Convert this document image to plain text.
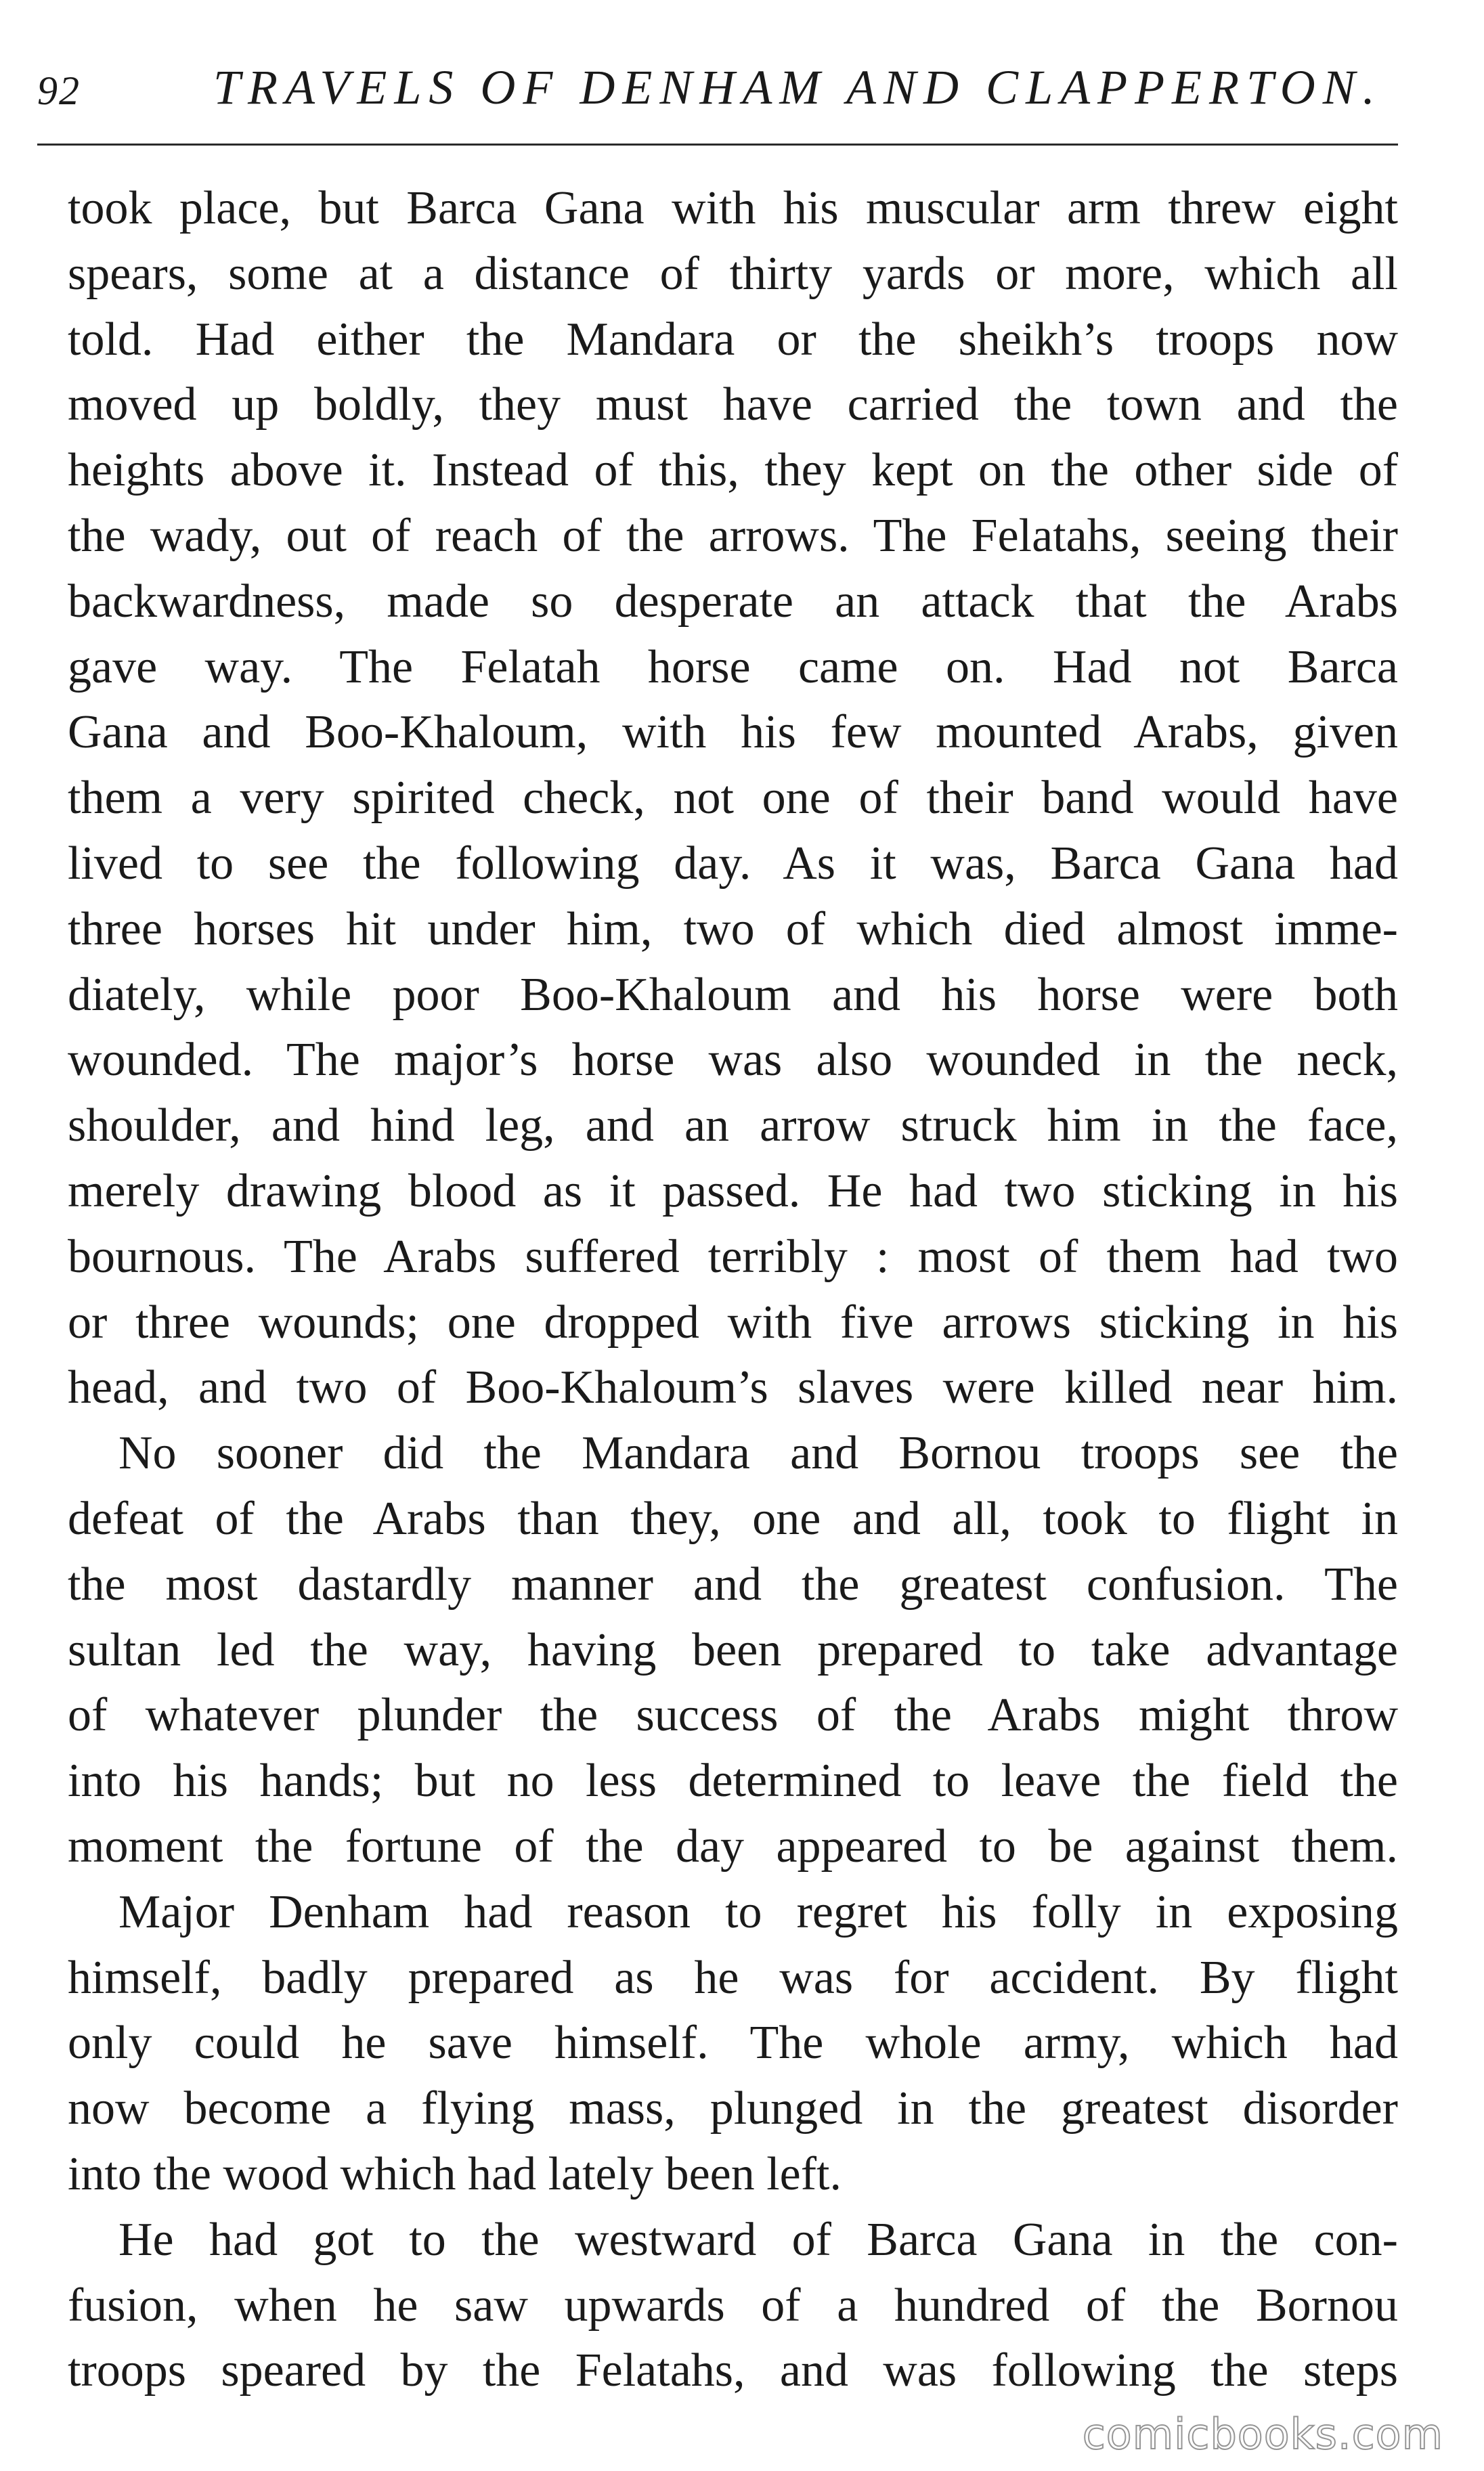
92	TRAVELS OF DENHAM AND CLAPPERTON.

took place, but Barca Gana with his muscular arm threw eight

spears, some at a distance of thirty yards or more, which all

told. Had either the Mandara or the sheikh’s troops now

moved up boldly, they must have carried the town and the

heights above it. Instead of this, they kept on the other side of

the wady, out of reach of the arrows. The Felatahs, seeing their

backwardness, made so desperate an attack that the Arabs

gave way. The Felatah horse came on. Had not Barca

Gana and Boo-Khaloum, with his few mounted Arabs, given

them a very spirited check, not one of their band would have

lived to see the following day. As it was, Barca Gana had

three horses hit under him, two of which died almost imme-

diately, while poor Boo-Khaloum and his horse were both

wounded. The major’s horse was also wounded in the neck,

shoulder, and hind leg, and an arrow struck him in the face,

merely drawing blood as it passed. He had two sticking in his

bournous. The Arabs suffered terribly : most of them had two

or three wounds; one dropped with five arrows sticking in his

head, and two of Boo-Khaloum’s slaves were killed near him.

No sooner did the Mandara and Bornou troops see the

defeat of the Arabs than they, one and all, took to flight in

the most dastardly manner and the greatest confusion. The

sultan led the way, having been prepared to take advantage

of whatever plunder the success of the Arabs might throw

into his hands; but no less determined to leave the field the

moment the fortune of the day appeared to be against them.

Major Denham had reason to regret his folly in exposing

himself, badly prepared as he was for accident. By flight

only could he save himself. The whole army, which had

now become a flying mass, plunged in the greatest disorder

into the wood which had lately been left.

He had got to the westward of Barca Gana in the con-

fusion, when he saw upwards of a hundred of the Bornou

troops speared by the Felatahs, and was following the steps

comicbooks.com
